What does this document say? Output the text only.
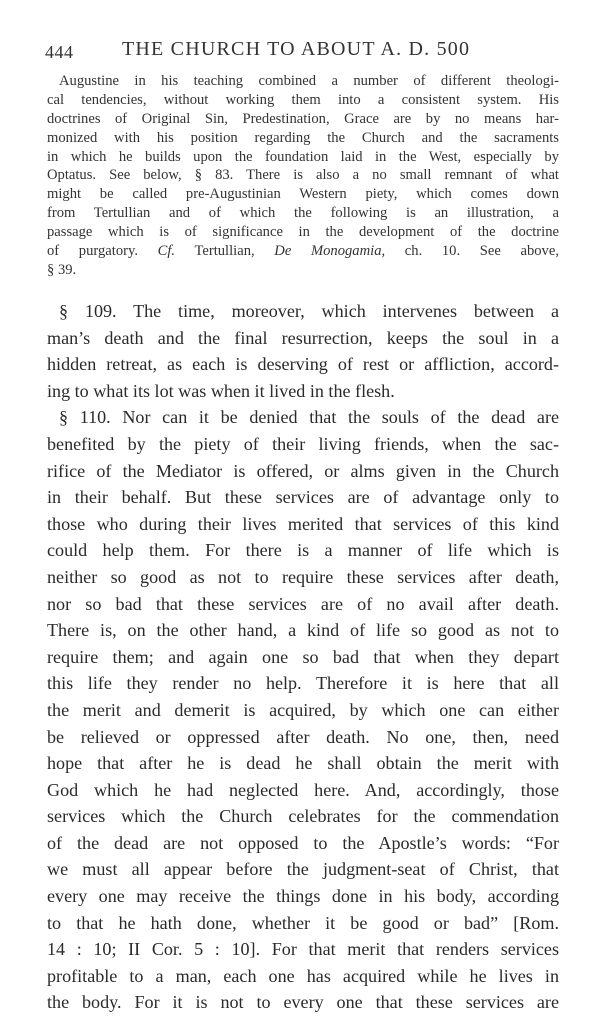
444 THE CHURCH TO ABOUT A. D. 500
Augustine in his teaching combined a number of different theologi-
cal tendencies, without working them into a consistent system. His
doctrines of Original Sin, Predestination, Grace are by no means har-
monized with his position regarding the Church and the sacraments
in which he builds upon the foundation laid in the West, especially by
Optatus. See below, § 83. There is also a no small remnant of what
might be called pre-Augustinian Western piety, which comes down
from Tertullian and of which the following is an illustration, a
passage which is of significance in the development of the doctrine
of purgatory. Cf. Tertullian, De Monogamia, ch. 10. See above,
§ 39.
§ 109. The time, moreover, which intervenes between a
man’s death and the final resurrection, keeps the soul in a
hidden retreat, as each is deserving of rest or affliction, accord-
ing to what its lot was when it lived in the flesh.
§ 110. Nor can it be denied that the souls of the dead are
benefited by the piety of their living friends, when the sac-
rifice of the Mediator is offered, or alms given in the Church
in their behalf. But these services are of advantage only to
those who during their lives merited that services of this kind
could help them. For there is a manner of life which is
neither so good as not to require these services after death,
nor so bad that these services are of no avail after death.
There is, on the other hand, a kind of life so good as not to
require them; and again one so bad that when they depart
this life they render no help. Therefore it is here that all
the merit and demerit is acquired, by which one can either
be relieved or oppressed after death. No one, then, need
hope that after he is dead he shall obtain the merit with
God which he had neglected here. And, accordingly, those
services which the Church celebrates for the commendation
of the dead are not opposed to the Apostle’s words: “For
we must all appear before the judgment-seat of Christ, that
every one may receive the things done in his body, according
to that he hath done, whether it be good or bad” [Rom.
14 : 10; II Cor. 5 : 10]. For that merit that renders services
profitable to a man, each one has acquired while he lives in
the body. For it is not to every one that these services are
